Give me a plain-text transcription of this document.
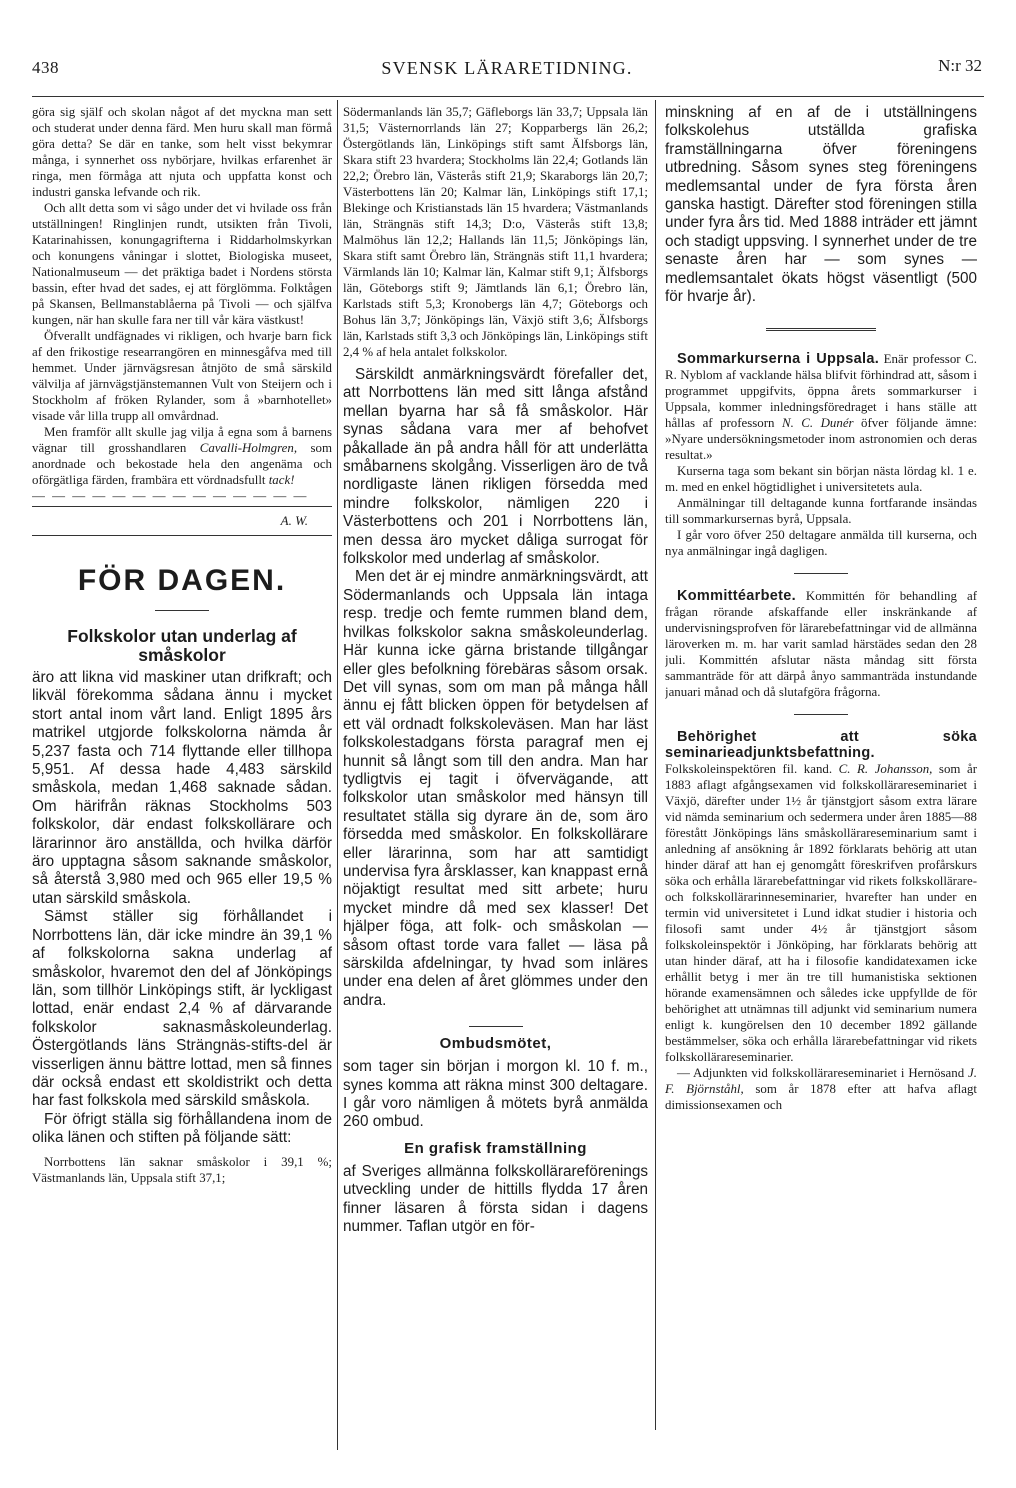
438	SVENSK LÄRARETIDNING.	N:r 32

göra sig själf och skolan något af det myckna man sett och studerat under denna färd. Men huru skall man förmå göra detta? Se där en tanke, som helt visst bekymrar många, i synnerhet oss nybörjare, hvilkas erfarenhet är ringa, men förmåga att njuta och uppfatta konst och industri ganska lefvande och rik.

Och allt detta som vi sågo under det vi hvilade oss från utställningen! Ringlinjen rundt, utsikten från Tivoli, Katarinahissen, konungagrifterna i Riddarholmskyrkan och konungens våningar i slottet, Biologiska museet, Nationalmuseum — det präktiga badet i Nordens största bassin, efter hvad det sades, ej att förglömma. Folktågen på Skansen, Bellmanstablåerna på Tivoli — och själfva kungen, när han skulle fara ner till vår kära västkust!

Öfverallt undfägnades vi rikligen, och hvarje barn fick af den frikostige researrangören en minnesgåfva med till hemmet. Under järnvägsresan åtnjöto de små särskild välvilja af järnvägstjänstemannen Vult von Steijern och i Stockholm af fröken Rylander, som å »barnhotellet» visade vår lilla trupp all omvårdnad.

Men framför allt skulle jag vilja å egna som å barnens vägnar till grosshandlaren Cavalli-Holmgren, som anordnade och bekostade hela den angenäma och oförgätliga färden, frambära ett vördnadsfullt tack!

— — — — — — — — — — — — — —
A. W.
FÖR DAGEN.
Folkskolor utan underlag af småskolor

äro att likna vid maskiner utan drifkraft; och likväl förekomma sådana ännu i mycket stort antal inom vårt land. Enligt 1895 års matrikel utgjorde folkskolorna nämda år 5,237 fasta och 714 flyttande eller tillhopa 5,951. Af dessa hade 4,483 särskild småskola, medan 1,468 saknade sådan. Om härifrån räknas Stockholms 503 folkskolor, där endast folkskollärare och lärarinnor äro anställda, och hvilka därför äro upptagna såsom saknande småskolor, så återstå 3,980 med och 965 eller 19,5 % utan särskild småskola.

Sämst ställer sig förhållandet i Norrbottens län, där icke mindre än 39,1 % af folkskolorna sakna underlag af småskolor, hvaremot den del af Jönköpings län, som tillhör Linköpings stift, är lyckligast lottad, enär endast 2,4 % af därvarande folkskolor saknasmåskoleunderlag. Östergötlands läns Strängnäs-stifts-del är visserligen ännu bättre lottad, men så finnes där också endast ett skoldistrikt och detta har fast folkskola med särskild småskola.

För öfrigt ställa sig förhållandena inom de olika länen och stiften på följande sätt:

Norrbottens län saknar småskolor i 39,1 %; Västmanlands län, Uppsala stift 37,1;

Södermanlands län 35,7; Gäfleborgs län 33,7; Uppsala län 31,5; Västernorrlands län 27; Kopparbergs län 26,2; Östergötlands län, Linköpings stift samt Älfsborgs län, Skara stift 23 hvardera; Stockholms län 22,4; Gotlands län 22,2; Örebro län, Västerås stift 21,9; Skaraborgs län 20,7; Västerbottens län 20; Kalmar län, Linköpings stift 17,1; Blekinge och Kristianstads län 15 hvardera; Västmanlands län, Strängnäs stift 14,3; D:o, Västerås stift 13,8; Malmöhus län 12,2; Hallands län 11,5; Jönköpings län, Skara stift samt Örebro län, Strängnäs stift 11,1 hvardera; Värmlands län 10; Kalmar län, Kalmar stift 9,1; Älfsborgs län, Göteborgs stift 9; Jämtlands län 6,1; Örebro län, Karlstads stift 5,3; Kronobergs län 4,7; Göteborgs och Bohus län 3,7; Jönköpings län, Växjö stift 3,6; Älfsborgs län, Karlstads stift 3,3 och Jönköpings län, Linköpings stift 2,4 % af hela antalet folkskolor.

Särskildt anmärkningsvärdt förefaller det, att Norrbottens län med sitt långa afstånd mellan byarna har så få småskolor. Här synas sådana vara mer af behofvet påkallade än på andra håll för att underlätta småbarnens skolgång. Visserligen äro de två nordligaste länen rikligen försedda med mindre folkskolor, nämligen 220 i Västerbottens och 201 i Norrbottens län, men dessa äro mycket dåliga surrogat för folkskolor med underlag af småskolor.

Men det är ej mindre anmärkningsvärdt, att Södermanlands och Uppsala län intaga resp. tredje och femte rummen bland dem, hvilkas folkskolor sakna småskoleunderlag. Här kunna icke gärna bristande tillgångar eller gles befolkning förebäras såsom orsak. Det vill synas, som om man på många håll ännu ej fått blicken öppen för betydelsen af ett väl ordnadt folkskoleväsen. Man har läst folkskolestadgans första paragraf men ej hunnit så långt som till den andra. Man har tydligtvis ej tagit i öfvervägande, att folkskolor utan småskolor med hänsyn till resultatet ställa sig dyrare än de, som äro försedda med småskolor. En folkskollärare eller lärarinna, som har att samtidigt undervisa fyra årsklasser, kan knappast ernå nöjaktigt resultat med sitt arbete; huru mycket mindre då med sex klasser! Det hjälper föga, att folk- och småskolan — såsom oftast torde vara fallet — läsa på särskilda afdelningar, ty hvad som inläres under ena delen af året glömmes under den andra.

Ombudsmötet,

som tager sin början i morgon kl. 10 f. m., synes komma att räkna minst 300 deltagare. I går voro nämligen å mötets byrå anmälda 260 ombud.

En grafisk framställning

af Sveriges allmänna folkskollärareförenings utveckling under de hittills flydda 17 åren finner läsaren å första sidan i dagens nummer. Taflan utgör en för-

minskning af en af de i utställningens folkskolehus utställda grafiska framställningarna öfver föreningens utbredning. Såsom synes steg föreningens medlemsantal under de fyra första åren ganska hastigt. Därefter stod föreningen stilla under fyra års tid. Med 1888 inträder ett jämnt och stadigt uppsving. I synnerhet under de tre senaste åren har — som synes — medlemsantalet ökats högst väsentligt (500 för hvarje år).

Sommarkurserna i Uppsala. Enär professor C. R. Nyblom af vacklande hälsa blifvit förhindrad att, såsom i programmet uppgifvits, öppna årets sommarkurser i Uppsala, kommer inledningsföredraget i hans ställe att hållas af professorn N. C. Dunér öfver följande ämne: »Nyare undersökningsmetoder inom astronomien och deras resultat.»

Kurserna taga som bekant sin början nästa lördag kl. 1 e. m. med en enkel högtidlighet i universitetets aula.

Anmälningar till deltagande kunna fortfarande insändas till sommarkursernas byrå, Uppsala.

I går voro öfver 250 deltagare anmälda till kurserna, och nya anmälningar ingå dagligen.

Kommittéarbete. Kommittén för behandling af frågan rörande afskaffande eller inskränkande af undervisningsprofven för lärarebefattningar vid de allmänna läroverken m. m. har varit samlad härstädes sedan den 28 juli. Kommittén afslutar nästa måndag sitt första sammanträde för att därpå ånyo sammanträda instundande januari månad och då slutafgöra frågorna.

Behörighet att söka seminarieadjunktsbefattning. Folkskoleinspektören fil. kand. C. R. Johansson, som år 1883 aflagt afgångsexamen vid folkskollärareseminariet i Växjö, därefter under 1½ år tjänstgjort såsom extra lärare vid nämda seminarium och sedermera under åren 1885—88 förestått Jönköpings läns småskollärareseminarium samt i anledning af ansökning år 1892 förklarats behörig att utan hinder däraf att han ej genomgått föreskrifven profårskurs söka och erhålla lärarebefattningar vid rikets folkskollärare- och folkskollärarinneseminarier, hvarefter han under en termin vid universitetet i Lund idkat studier i historia och filosofi samt under 4½ år tjänstgjort såsom folkskoleinspektör i Jönköping, har förklarats behörig att utan hinder däraf, att ha i filosofie kandidatexamen icke erhållit betyg i mer än tre till humanistiska sektionen hörande examensämnen och således icke uppfyllde de för behörighet att utnämnas till adjunkt vid seminarium numera enligt k. kungörelsen den 10 december 1892 gällande bestämmelser, söka och erhålla lärarebefattningar vid rikets folkskollärareseminarier.

— Adjunkten vid folkskollärareseminariet i Hernösand J. F. Björnståhl, som år 1878 efter att hafva aflagt dimissionsexamen och
